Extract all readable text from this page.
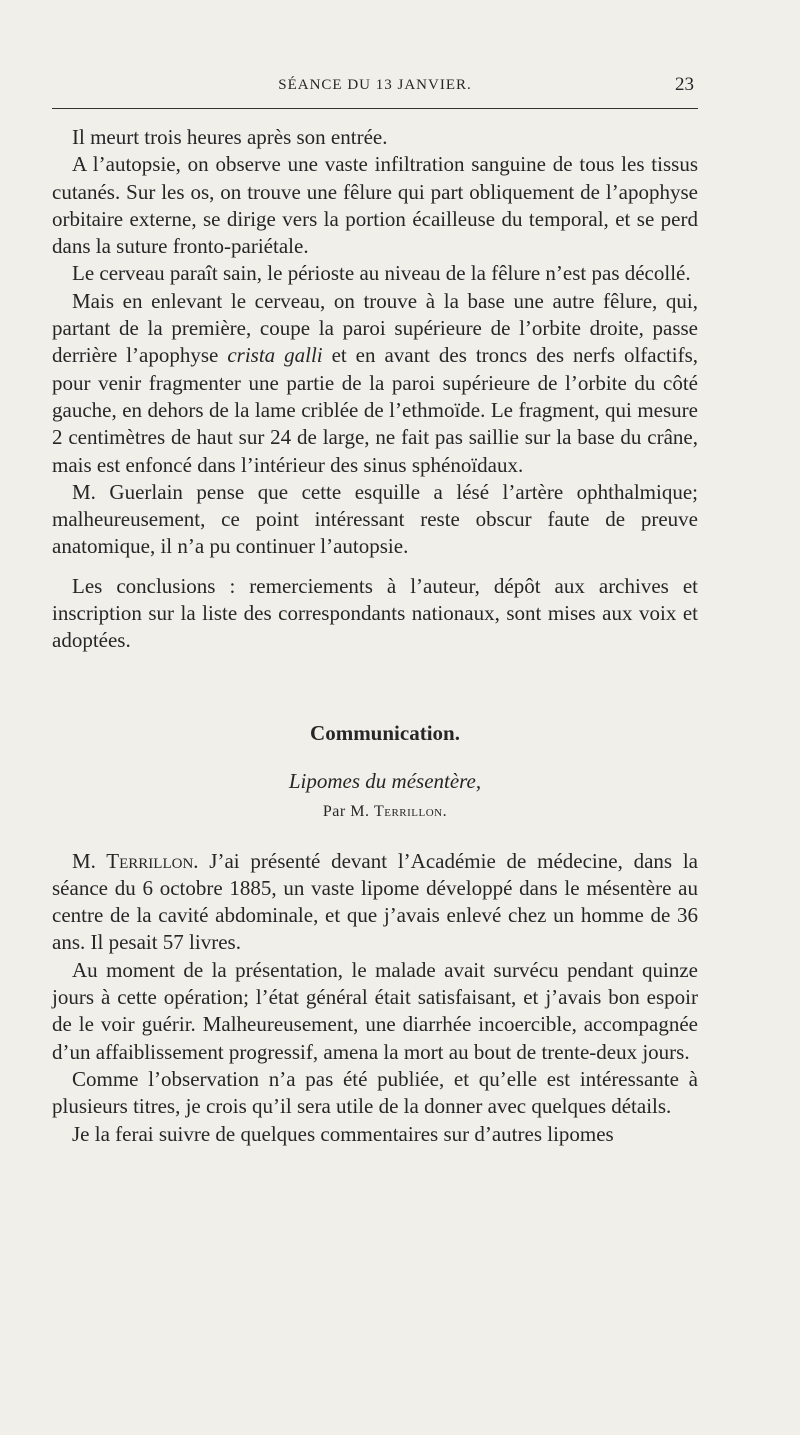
SÉANCE DU 13 JANVIER.	23

Il meurt trois heures après son entrée.

A l’autopsie, on observe une vaste infiltration sanguine de tous les tissus cutanés. Sur les os, on trouve une fêlure qui part obliquement de l’apophyse orbitaire externe, se dirige vers la portion écailleuse du temporal, et se perd dans la suture fronto-pariétale.

Le cerveau paraît sain, le périoste au niveau de la fêlure n’est pas décollé.

Mais en enlevant le cerveau, on trouve à la base une autre fêlure, qui, partant de la première, coupe la paroi supérieure de l’orbite droite, passe derrière l’apophyse crista galli et en avant des troncs des nerfs olfactifs, pour venir fragmenter une partie de la paroi supérieure de l’orbite du côté gauche, en dehors de la lame criblée de l’ethmoïde. Le fragment, qui mesure 2 centimètres de haut sur 24 de large, ne fait pas saillie sur la base du crâne, mais est enfoncé dans l’intérieur des sinus sphénoïdaux.

M. Guerlain pense que cette esquille a lésé l’artère ophthalmique; malheureusement, ce point intéressant reste obscur faute de preuve anatomique, il n’a pu continuer l’autopsie.

Les conclusions : remerciements à l’auteur, dépôt aux archives et inscription sur la liste des correspondants nationaux, sont mises aux voix et adoptées.

Communication.

Lipomes du mésentère,

Par M. Terrillon.

M. Terrillon. J’ai présenté devant l’Académie de médecine, dans la séance du 6 octobre 1885, un vaste lipome développé dans le mésentère au centre de la cavité abdominale, et que j’avais enlevé chez un homme de 36 ans. Il pesait 57 livres.

Au moment de la présentation, le malade avait survécu pendant quinze jours à cette opération; l’état général était satisfaisant, et j’avais bon espoir de le voir guérir. Malheureusement, une diarrhée incoercible, accompagnée d’un affaiblissement progressif, amena la mort au bout de trente-deux jours.

Comme l’observation n’a pas été publiée, et qu’elle est intéressante à plusieurs titres, je crois qu’il sera utile de la donner avec quelques détails.

Je la ferai suivre de quelques commentaires sur d’autres lipomes
